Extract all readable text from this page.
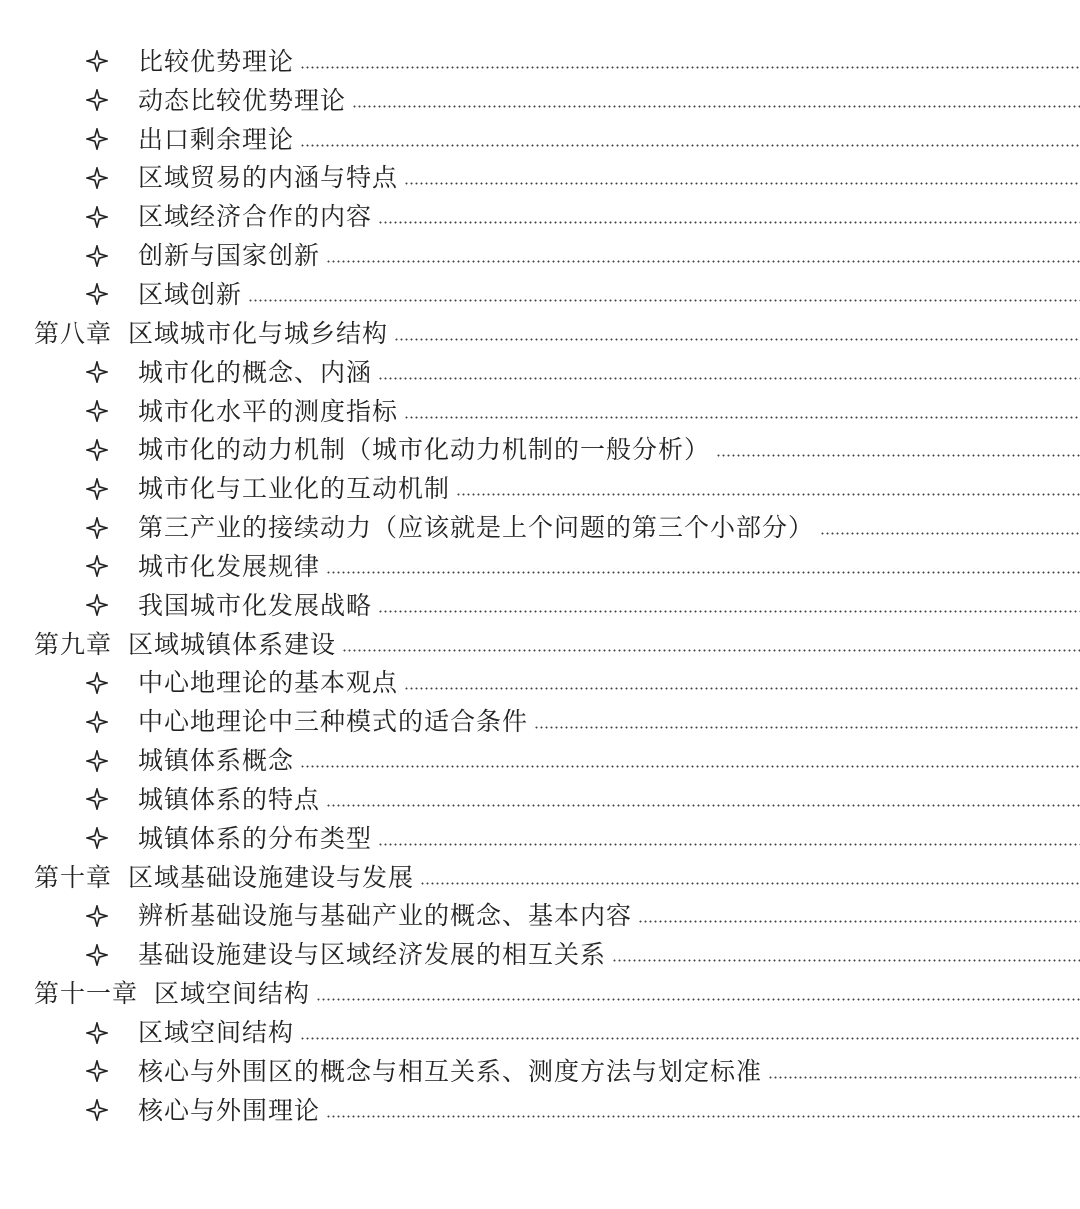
比较优势理论
动态比较优势理论
出口剩余理论
区域贸易的内涵与特点
区域经济合作的内容
创新与国家创新
区域创新
第八章 区域城市化与城乡结构
城市化的概念、内涵
城市化水平的测度指标
城市化的动力机制（城市化动力机制的一般分析）
城市化与工业化的互动机制
第三产业的接续动力（应该就是上个问题的第三个小部分）
城市化发展规律
我国城市化发展战略
第九章 区域城镇体系建设
中心地理论的基本观点
中心地理论中三种模式的适合条件
城镇体系概念
城镇体系的特点
城镇体系的分布类型
第十章 区域基础设施建设与发展
辨析基础设施与基础产业的概念、基本内容
基础设施建设与区域经济发展的相互关系
第十一章 区域空间结构
区域空间结构
核心与外围区的概念与相互关系、测度方法与划定标准
核心与外围理论
